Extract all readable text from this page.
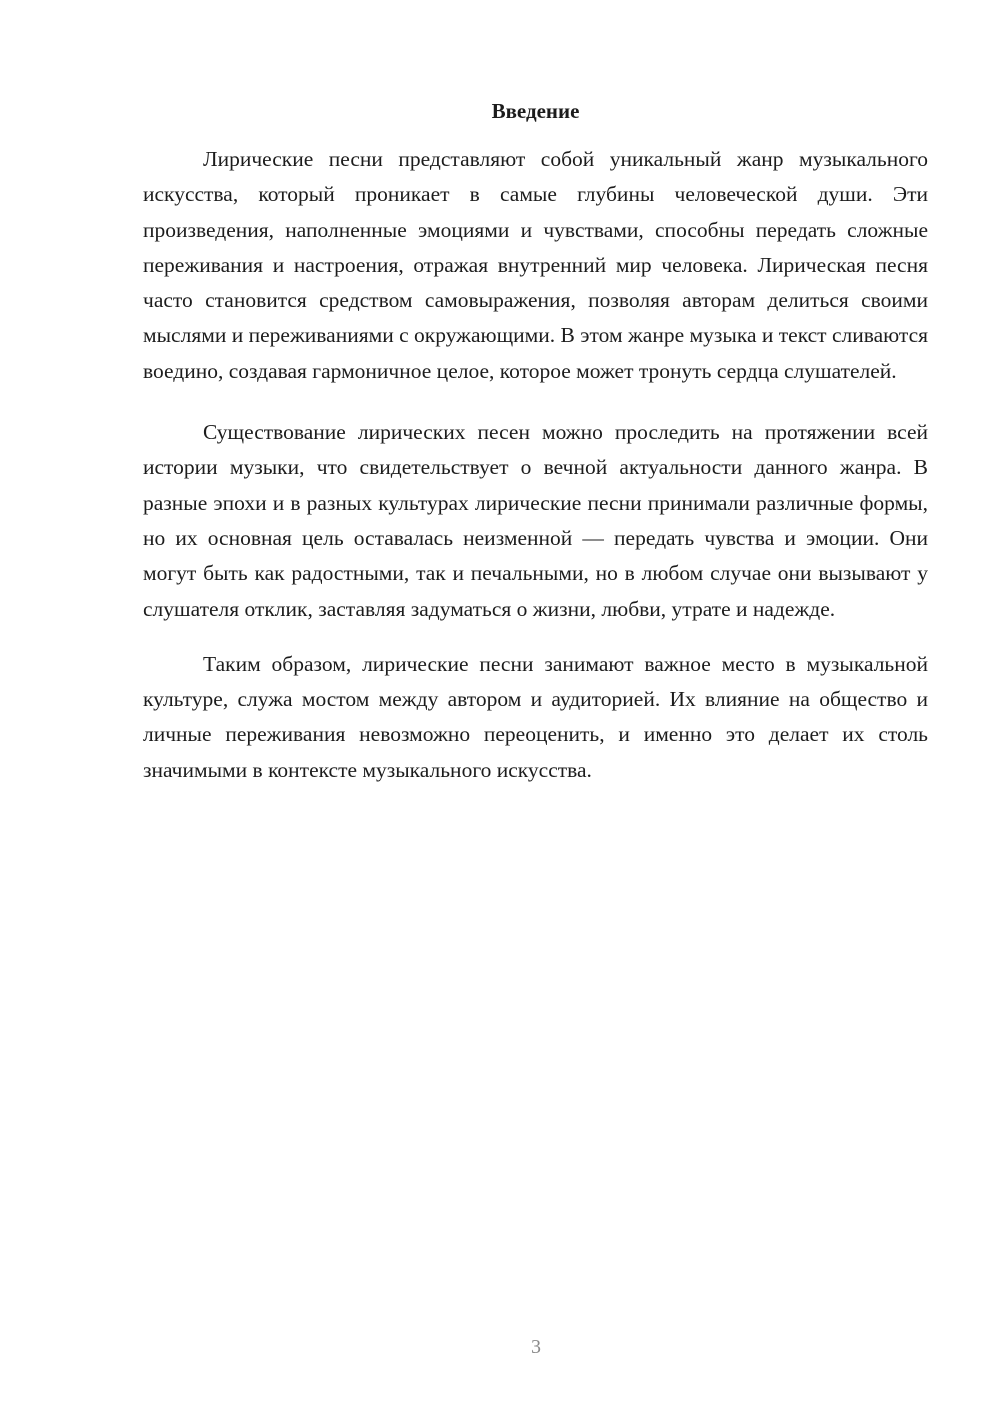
Введение

Лирические песни представляют собой уникальный жанр музыкального искусства, который проникает в самые глубины человеческой души. Эти произведения, наполненные эмоциями и чувствами, способны передать сложные переживания и настроения, отражая внутренний мир человека. Лирическая песня часто становится средством самовыражения, позволяя авторам делиться своими мыслями и переживаниями с окружающими. В этом жанре музыка и текст сливаются воедино, создавая гармоничное целое, которое может тронуть сердца слушателей.

Существование лирических песен можно проследить на протяжении всей истории музыки, что свидетельствует о вечной актуальности данного жанра. В разные эпохи и в разных культурах лирические песни принимали различные формы, но их основная цель оставалась неизменной — передать чувства и эмоции. Они могут быть как радостными, так и печальными, но в любом случае они вызывают у слушателя отклик, заставляя задуматься о жизни, любви, утрате и надежде.

Таким образом, лирические песни занимают важное место в музыкальной культуре, служа мостом между автором и аудиторией. Их влияние на общество и личные переживания невозможно переоценить, и именно это делает их столь значимыми в контексте музыкального искусства.

3
